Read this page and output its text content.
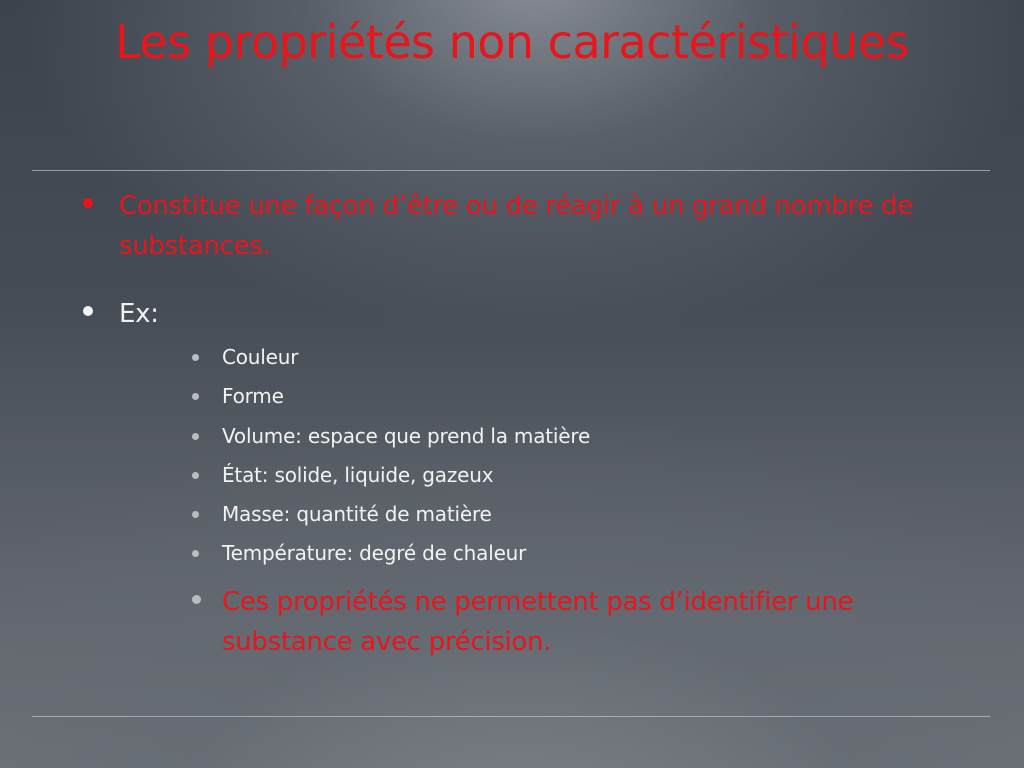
Les propriétés non caractéristiques
Constitue une façon d’être ou de réagir à un grand nombre de substances.
Ex:
Couleur
Forme
Volume: espace que prend la matière
État: solide, liquide, gazeux
Masse: quantité de matière
Température: degré de chaleur
Ces propriétés ne permettent pas d’identifier une substance avec précision.
